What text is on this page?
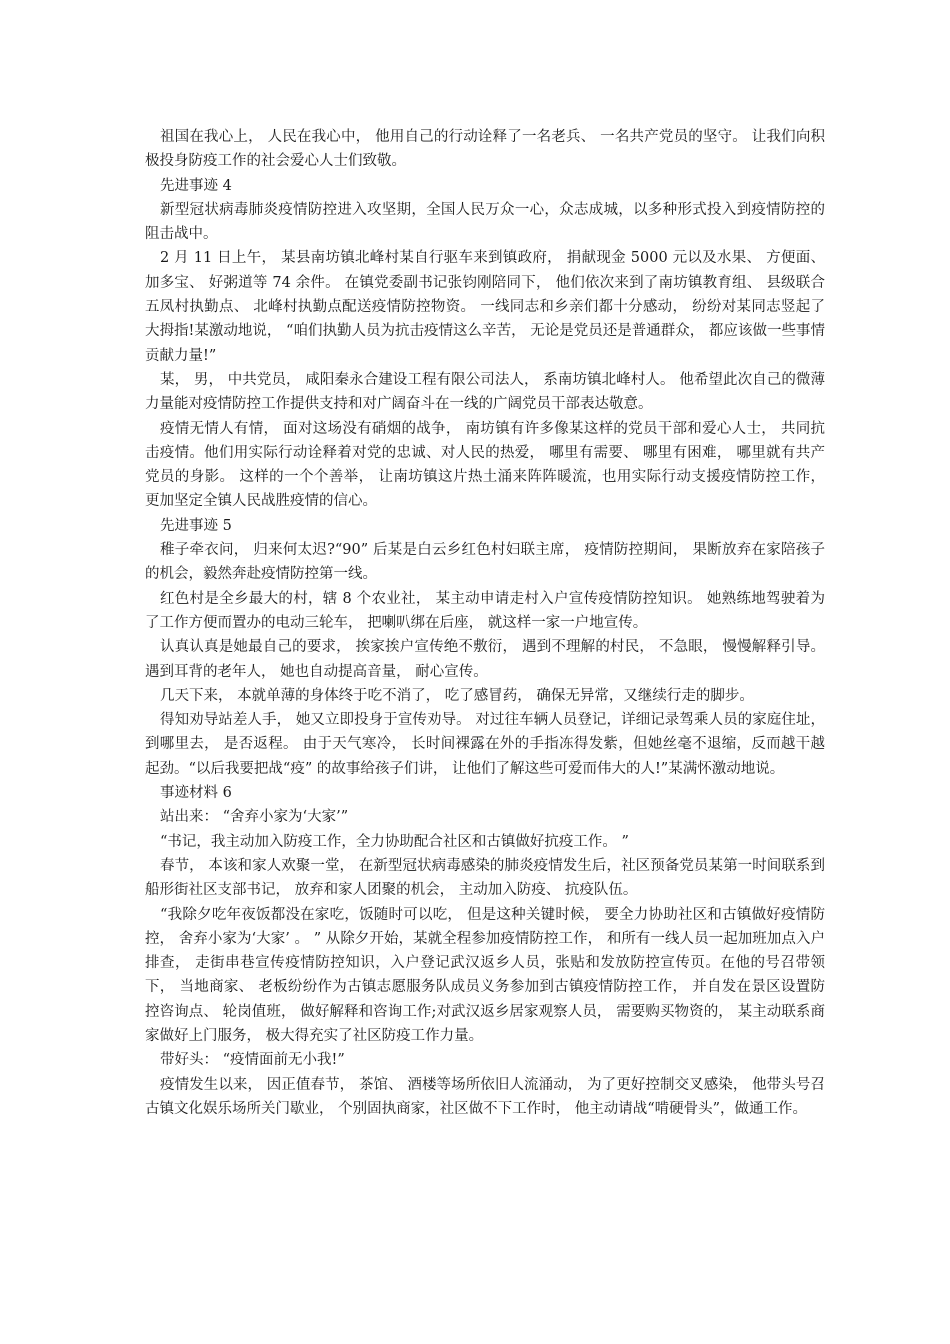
祖国在我心上， 人民在我心中， 他用自己的行动诠释了一名老兵、 一名共产党员的坚守。 让我们向积极投身防疫工作的社会爱心人士们致敬。

先进事迹 4

新型冠状病毒肺炎疫情防控进入攻坚期，全国人民万众一心，众志成城，以多种形式投入到疫情防控的阻击战中。

2 月 11 日上午， 某县南坊镇北峰村某自行驱车来到镇政府， 捐献现金 5000 元以及水果、 方便面、 加多宝、 好粥道等 74 余件。 在镇党委副书记张钧刚陪同下， 他们依次来到了南坊镇教育组、 县级联合五凤村执勤点、 北峰村执勤点配送疫情防控物资。 一线同志和乡亲们都十分感动， 纷纷对某同志竖起了大拇指!某激动地说， “咱们执勤人员为抗击疫情这么辛苦， 无论是党员还是普通群众， 都应该做一些事情贡献力量!”

某， 男， 中共党员， 咸阳秦永合建设工程有限公司法人， 系南坊镇北峰村人。 他希望此次自己的微薄力量能对疫情防控工作提供支持和对广阔奋斗在一线的广阔党员干部表达敬意。

疫情无情人有情， 面对这场没有硝烟的战争， 南坊镇有许多像某这样的党员干部和爱心人士， 共同抗击疫情。他们用实际行动诠释着对党的忠诚、对人民的热爱， 哪里有需要、 哪里有困难， 哪里就有共产党员的身影。 这样的一个个善举， 让南坊镇这片热土涌来阵阵暖流，也用实际行动支援疫情防控工作， 更加坚定全镇人民战胜疫情的信心。

先进事迹 5

稚子牵衣问， 归来何太迟?“90” 后某是白云乡红色村妇联主席， 疫情防控期间， 果断放弃在家陪孩子的机会，毅然奔赴疫情防控第一线。

红色村是全乡最大的村，辖 8 个农业社， 某主动申请走村入户宣传疫情防控知识。 她熟练地驾驶着为了工作方便而置办的电动三轮车， 把喇叭绑在后座， 就这样一家一户地宣传。

认真认真是她最自己的要求， 挨家挨户宣传绝不敷衍， 遇到不理解的村民， 不急眼， 慢慢解释引导。 遇到耳背的老年人， 她也自动提高音量， 耐心宣传。

几天下来， 本就单薄的身体终于吃不消了， 吃了感冒药， 确保无异常，又继续行走的脚步。

得知劝导站差人手， 她又立即投身于宣传劝导。 对过往车辆人员登记，详细记录驾乘人员的家庭住址， 到哪里去， 是否返程。 由于天气寒冷， 长时间裸露在外的手指冻得发紫，但她丝毫不退缩，反而越干越起劲。“以后我要把战“疫” 的故事给孩子们讲， 让他们了解这些可爱而伟大的人!”某满怀激动地说。

事迹材料 6

站出来： “舍弃小家为‘大家’”

“书记，我主动加入防疫工作，全力协助配合社区和古镇做好抗疫工作。 ”

春节， 本该和家人欢聚一堂， 在新型冠状病毒感染的肺炎疫情发生后，社区预备党员某第一时间联系到船形街社区支部书记， 放弃和家人团聚的机会， 主动加入防疫、 抗疫队伍。

“我除夕吃年夜饭都没在家吃，饭随时可以吃， 但是这种关键时候， 要全力协助社区和古镇做好疫情防控， 舍弃小家为‘大家’ 。 ” 从除夕开始，某就全程参加疫情防控工作， 和所有一线人员一起加班加点入户排查， 走街串巷宣传疫情防控知识，入户登记武汉返乡人员，张贴和发放防控宣传页。在他的号召带领下， 当地商家、 老板纷纷作为古镇志愿服务队成员义务参加到古镇疫情防控工作， 并自发在景区设置防控咨询点、 轮岗值班， 做好解释和咨询工作;对武汉返乡居家观察人员， 需要购买物资的， 某主动联系商家做好上门服务， 极大得充实了社区防疫工作力量。

带好头： “疫情面前无小我!”

疫情发生以来， 因正值春节， 茶馆、 酒楼等场所依旧人流涌动， 为了更好控制交叉感染， 他带头号召古镇文化娱乐场所关门歇业， 个别固执商家，社区做不下工作时， 他主动请战“啃硬骨头”，做通工作。
